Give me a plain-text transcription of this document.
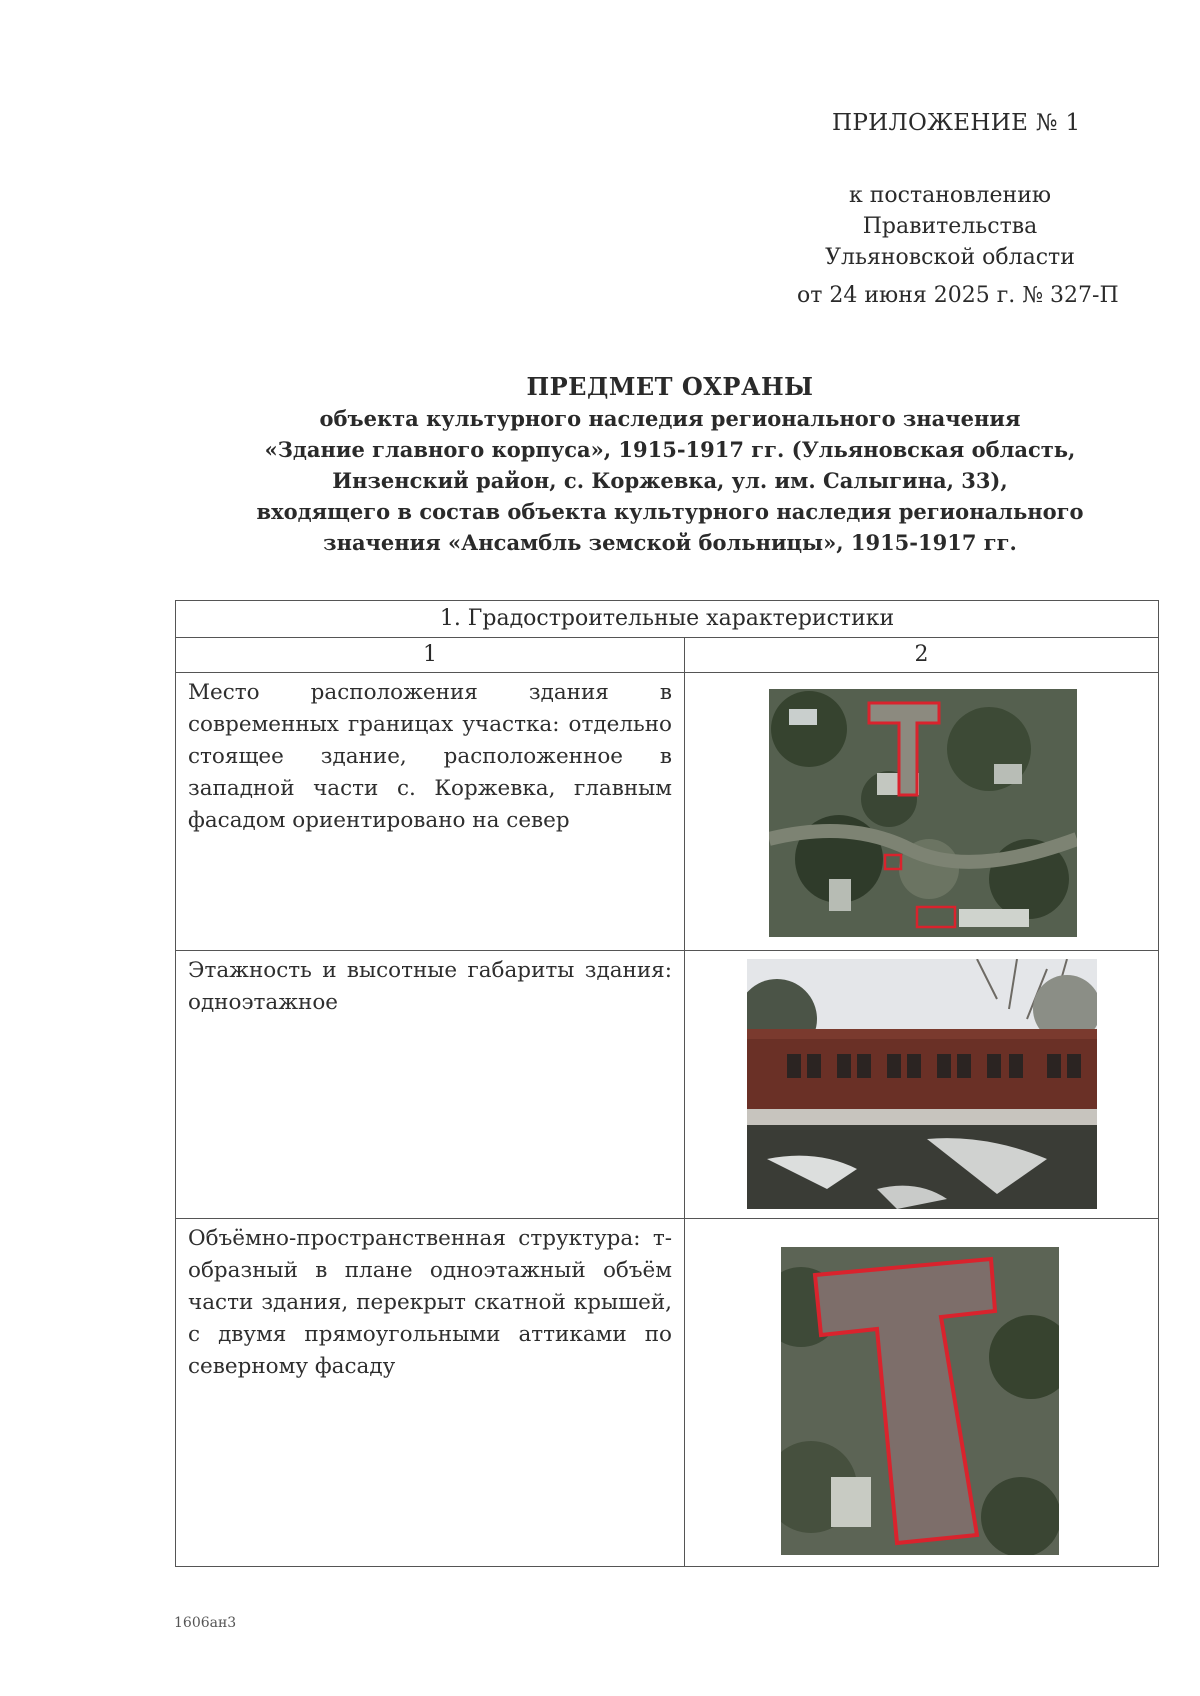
ПРИЛОЖЕНИЕ № 1
к постановлению Правительства
Ульяновской области
от 24 июня 2025 г. № 327-П
ПРЕДМЕТ ОХРАНЫ
объекта культурного наследия регионального значения
«Здание главного корпуса», 1915-1917 гг. (Ульяновская область,
Инзенский район, с. Коржевка, ул. им. Салыгина, 33),
входящего в состав объекта культурного наследия регионального
значения «Ансамбль земской больницы», 1915-1917 гг.
1. Градостроительные характеристики	
1	2

Место расположения здания в современных границах участка: отдельно стоящее здание, расположенное в западной части с. Коржевка, главным фасадом ориентировано на север

Этажность и высотные габариты здания: одноэтажное

Объёмно-пространственная структура: т-образный в плане одноэтажный объём части здания, перекрыт скатной крышей, с двумя прямоугольными аттиками по северному фасаду

1606ан3
